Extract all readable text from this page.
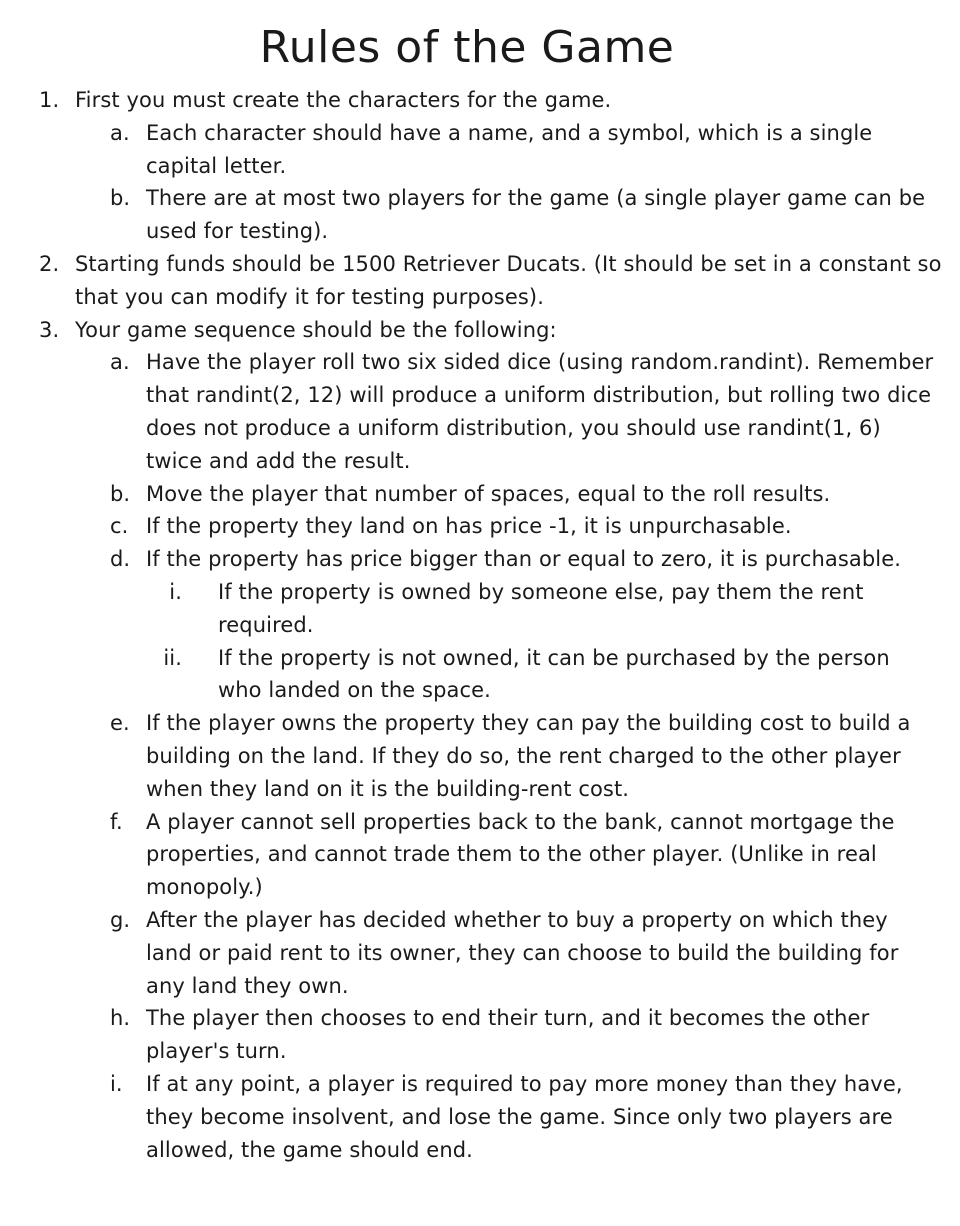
Rules of the Game
1. First you must create the characters for the game.
a. Each character should have a name, and a symbol, which is a single capital letter.
b. There are at most two players for the game (a single player game can be used for testing).
2. Starting funds should be 1500 Retriever Ducats. (It should be set in a constant so that you can modify it for testing purposes).
3. Your game sequence should be the following:
a. Have the player roll two six sided dice (using random.randint). Remember that randint(2, 12) will produce a uniform distribution, but rolling two dice does not produce a uniform distribution, you should use randint(1, 6) twice and add the result.
b. Move the player that number of spaces, equal to the roll results.
c. If the property they land on has price -1, it is unpurchasable.
d. If the property has price bigger than or equal to zero, it is purchasable.
i. If the property is owned by someone else, pay them the rent required.
ii. If the property is not owned, it can be purchased by the person who landed on the space.
e. If the player owns the property they can pay the building cost to build a building on the land. If they do so, the rent charged to the other player when they land on it is the building-rent cost.
f. A player cannot sell properties back to the bank, cannot mortgage the properties, and cannot trade them to the other player. (Unlike in real monopoly.)
g. After the player has decided whether to buy a property on which they land or paid rent to its owner, they can choose to build the building for any land they own.
h. The player then chooses to end their turn, and it becomes the other player's turn.
i. If at any point, a player is required to pay more money than they have, they become insolvent, and lose the game. Since only two players are allowed, the game should end.
